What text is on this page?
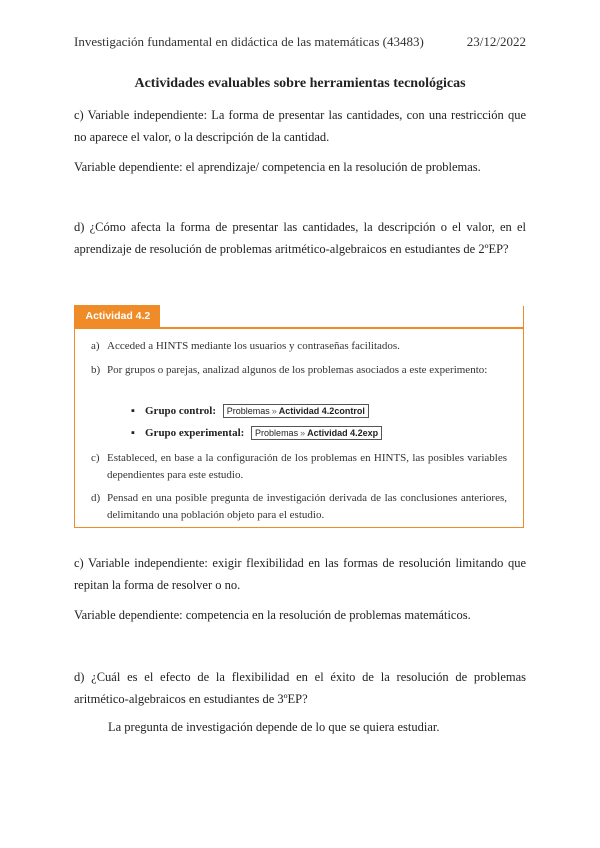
Investigación fundamental en didáctica de las matemáticas (43483)	23/12/2022
Actividades evaluables sobre herramientas tecnológicas
c) Variable independiente: La forma de presentar las cantidades, con una restricción que no aparece el valor, o la descripción de la cantidad.
Variable dependiente: el aprendizaje/ competencia en la resolución de problemas.
d) ¿Cómo afecta la forma de presentar las cantidades, la descripción o el valor, en el aprendizaje de resolución de problemas aritmético-algebraicos en estudiantes de 2ºEP?
Actividad 4.2
a) Acceded a HINTS mediante los usuarios y contraseñas facilitados.
b) Por grupos o parejas, analizad algunos de los problemas asociados a este experimento:
▪ Grupo control: Problemas » Actividad 4.2control
▪ Grupo experimental: Problemas » Actividad 4.2exp
c) Estableced, en base a la configuración de los problemas en HINTS, las posibles variables dependientes para este estudio.
d) Pensad en una posible pregunta de investigación derivada de las conclusiones anteriores, delimitando una población objeto para el estudio.
c) Variable independiente: exigir flexibilidad en las formas de resolución limitando que repitan la forma de resolver o no.
Variable dependiente: competencia en la resolución de problemas matemáticos.
d) ¿Cuál es el efecto de la flexibilidad en el éxito de la resolución de problemas aritmético-algebraicos en estudiantes de 3ºEP?
La pregunta de investigación depende de lo que se quiera estudiar.
